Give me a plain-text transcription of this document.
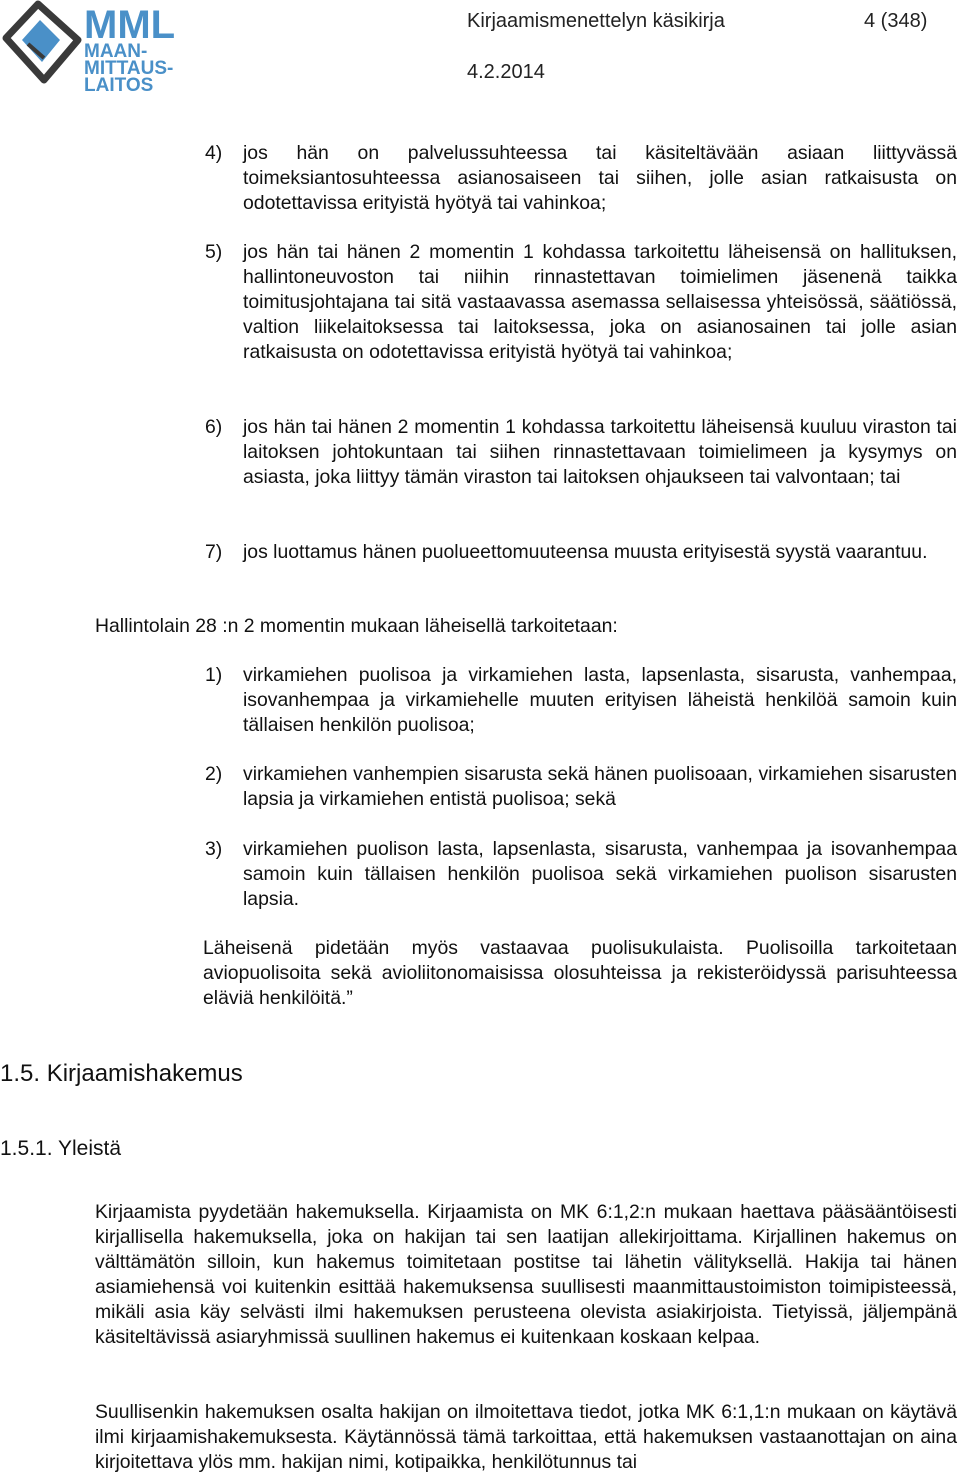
MML
MAAN-
MITTAUS-
LAITOS
Kirjaamismenettelyn käsikirja	4 (348)
4.2.2014
4) jos hän on palvelussuhteessa tai käsiteltävään asiaan liittyvässä toimeksiantosuhteessa asianosaiseen tai siihen, jolle asian ratkaisusta on odotettavissa erityistä hyötyä tai vahinkoa;
5) jos hän tai hänen 2 momentin 1 kohdassa tarkoitettu läheisensä on hallituksen, hallintoneuvoston tai niihin rinnastettavan toimielimen jäsenenä taikka toimitusjohtajana tai sitä vastaavassa asemassa sellaisessa yhteisössä, säätiössä, valtion liikelaitoksessa tai laitoksessa, joka on asianosainen tai jolle asian ratkaisusta on odotettavissa erityistä hyötyä tai vahinkoa;
6) jos hän tai hänen 2 momentin 1 kohdassa tarkoitettu läheisensä kuuluu viraston tai laitoksen johtokuntaan tai siihen rinnastettavaan toimielimeen ja kysymys on asiasta, joka liittyy tämän viraston tai laitoksen ohjaukseen tai valvontaan; tai
7) jos luottamus hänen puolueettomuuteensa muusta erityisestä syystä vaarantuu.
Hallintolain 28 :n 2 momentin mukaan läheisellä tarkoitetaan:
1) virkamiehen puolisoa ja virkamiehen lasta, lapsenlasta, sisarusta, vanhempaa, isovanhempaa ja virkamiehelle muuten erityisen läheistä henkilöä samoin kuin tällaisen henkilön puolisoa;
2) virkamiehen vanhempien sisarusta sekä hänen puolisoaan, virkamiehen sisarusten lapsia ja virkamiehen entistä puolisoa; sekä
3) virkamiehen puolison lasta, lapsenlasta, sisarusta, vanhempaa ja isovanhempaa samoin kuin tällaisen henkilön puolisoa sekä virkamiehen puolison sisarusten lapsia.
Läheisenä pidetään myös vastaavaa puolisukulaista. Puolisoilla tarkoitetaan aviopuolisoita sekä avioliitonomaisissa olosuhteissa ja rekisteröidyssä parisuhteessa eläviä henkilöitä.”
1.5. Kirjaamishakemus
1.5.1. Yleistä
Kirjaamista pyydetään hakemuksella. Kirjaamista on MK 6:1,2:n mukaan haettava pääsääntöisesti kirjallisella hakemuksella, joka on hakijan tai sen laatijan allekirjoittama. Kirjallinen hakemus on välttämätön silloin, kun hakemus toimitetaan postitse tai lähetin välityksellä. Hakija tai hänen asiamiehensä voi kuitenkin esittää hakemuksensa suullisesti maanmittaustoimiston toimipisteessä, mikäli asia käy selvästi ilmi hakemuksen perusteena olevista asiakirjoista. Tietyissä, jäljempänä käsiteltävissä asiaryhmissä suullinen hakemus ei kuitenkaan koskaan kelpaa.
Suullisenkin hakemuksen osalta hakijan on ilmoitettava tiedot, jotka MK 6:1,1:n mukaan on käytävä ilmi kirjaamishakemuksesta. Käytännössä tämä tarkoittaa, että hakemuksen vastaanottajan on aina kirjoitettava ylös mm. hakijan nimi, kotipaikka, henkilötunnus tai
